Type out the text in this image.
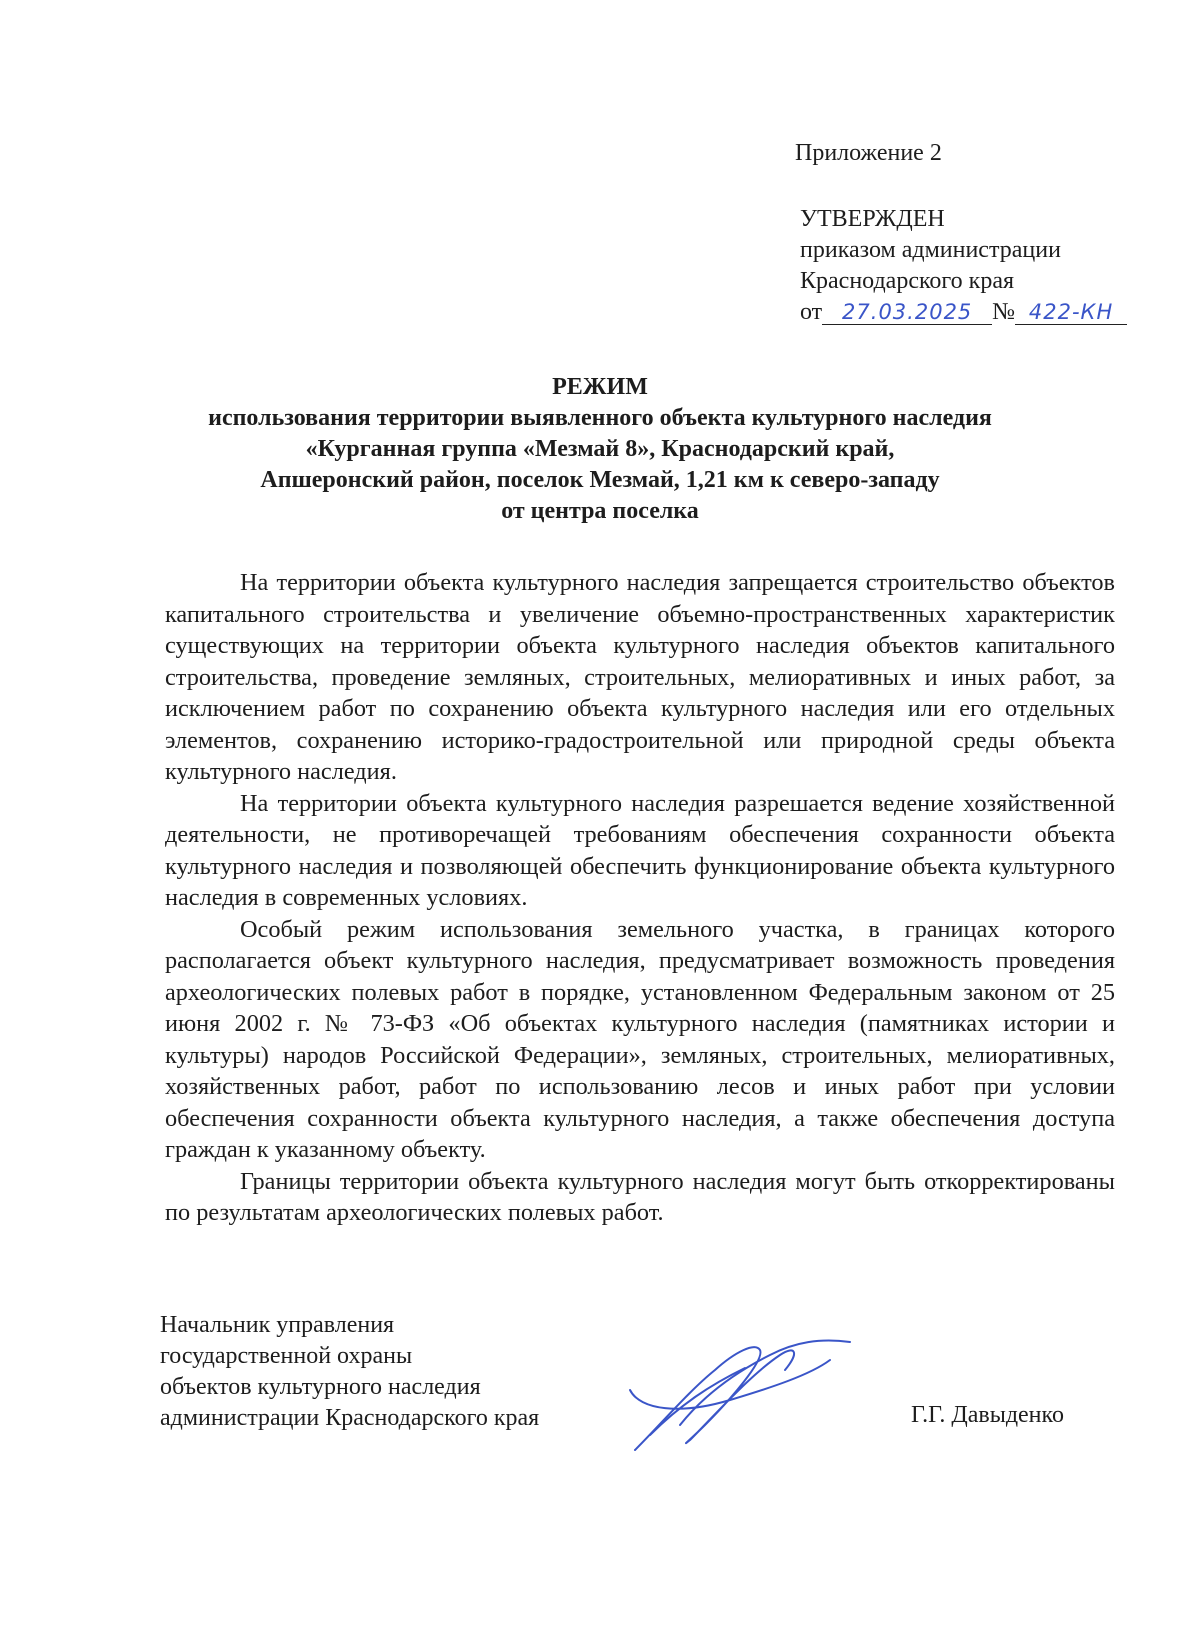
Приложение 2
УТВЕРЖДЕН
приказом администрации
Краснодарского края
от 27.03.2025 № 422-КН
РЕЖИМ
использования территории выявленного объекта культурного наследия
«Курганная группа «Мезмай 8», Краснодарский край,
Апшеронский район, поселок Мезмай, 1,21 км к северо-западу
от центра поселка

На территории объекта культурного наследия запрещается строительство объектов капитального строительства и увеличение объемно-пространственных характеристик существующих на территории объекта культурного наследия объектов капитального строительства, проведение земляных, строительных, мелиоративных и иных работ, за исключением работ по сохранению объекта культурного наследия или его отдельных элементов, сохранению историко-градостроительной или природной среды объекта культурного наследия.

На территории объекта культурного наследия разрешается ведение хозяйственной деятельности, не противоречащей требованиям обеспечения сохранности объекта культурного наследия и позволяющей обеспечить функционирование объекта культурного наследия в современных условиях.

Особый режим использования земельного участка, в границах которого располагается объект культурного наследия, предусматривает возможность проведения археологических полевых работ в порядке, установленном Федеральным законом от 25 июня 2002 г. № 73-ФЗ «Об объектах культурного наследия (памятниках истории и культуры) народов Российской Федерации», земляных, строительных, мелиоративных, хозяйственных работ, работ по использованию лесов и иных работ при условии обеспечения сохранности объекта культурного наследия, а также обеспечения доступа граждан к указанному объекту.

Границы территории объекта культурного наследия могут быть откорректированы по результатам археологических полевых работ.

Начальник управления
государственной охраны
объектов культурного наследия
администрации Краснодарского края	Г.Г. Давыденко
